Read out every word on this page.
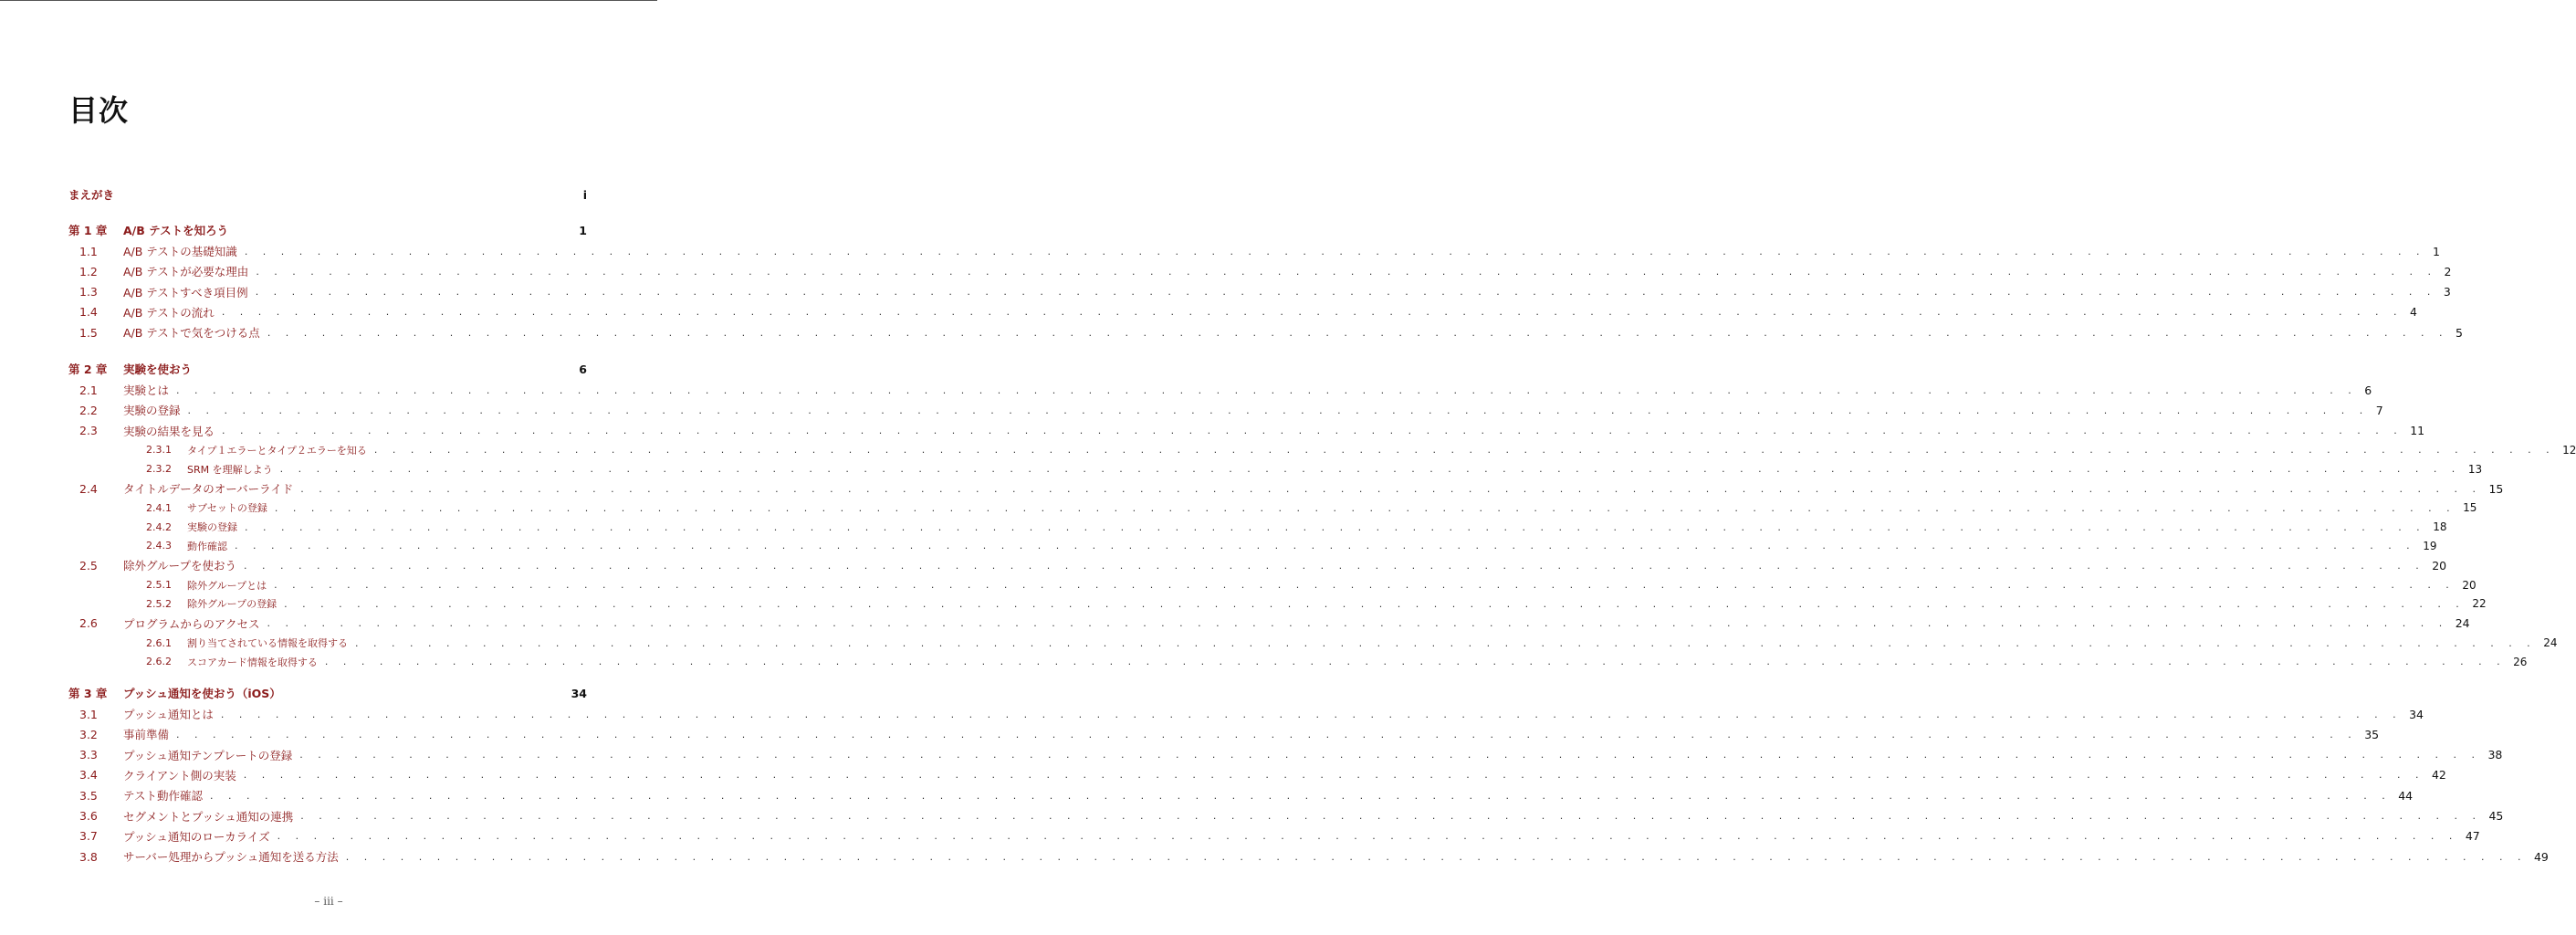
目次
まえがき	i
第 1 章	A/B テストを知ろう	1
1.1	A/B テストの基礎知識 . . . . . . . . . . . . . . . . . . . . . . . . . . . . . . . . . . . . . . . . . . . . . . . . . . . . . . . . . . . . . . . . . . . . . . . . . . . . . . . . . . . . . . . . . . . . . . . . . . . . . . . . . . . . . . . . . . . . . . . . 1
1.2	A/B テストが必要な理由 . . . . . . . . . . . . . . . . . . . . . . . . . . . . . . . . . . . . . . . . . . . . . . . . . . . . . . . . . . . . . . . . . . . . . . . . . . . . . . . . . . . . . . . . . . . . . . . . . . . . . . . . . . . . . . . . . . . . . . . . 2
1.3	A/B テストすべき項目例 . . . . . . . . . . . . . . . . . . . . . . . . . . . . . . . . . . . . . . . . . . . . . . . . . . . . . . . . . . . . . . . . . . . . . . . . . . . . . . . . . . . . . . . . . . . . . . . . . . . . . . . . . . . . . . . . . . . . . . . . 3
1.4	A/B テストの流れ . . . . . . . . . . . . . . . . . . . . . . . . . . . . . . . . . . . . . . . . . . . . . . . . . . . . . . . . . . . . . . . . . . . . . . . . . . . . . . . . . . . . . . . . . . . . . . . . . . . . . . . . . . . . . . . . . . . . . . . . 4
1.5	A/B テストで気をつける点 . . . . . . . . . . . . . . . . . . . . . . . . . . . . . . . . . . . . . . . . . . . . . . . . . . . . . . . . . . . . . . . . . . . . . . . . . . . . . . . . . . . . . . . . . . . . . . . . . . . . . . . . . . . . . . . . . . . . . . . . 5
第 2 章	実験を使おう	6
2.1	実験とは . . . . . . . . . . . . . . . . . . . . . . . . . . . . . . . . . . . . . . . . . . . . . . . . . . . . . . . . . . . . . . . . . . . . . . . . . . . . . . . . . . . . . . . . . . . . . . . . . . . . . . . . . . . . . . . . . . . . . . . . 6
2.2	実験の登録 . . . . . . . . . . . . . . . . . . . . . . . . . . . . . . . . . . . . . . . . . . . . . . . . . . . . . . . . . . . . . . . . . . . . . . . . . . . . . . . . . . . . . . . . . . . . . . . . . . . . . . . . . . . . . . . . . . . . . . . . 7
2.3	実験の結果を見る . . . . . . . . . . . . . . . . . . . . . . . . . . . . . . . . . . . . . . . . . . . . . . . . . . . . . . . . . . . . . . . . . . . . . . . . . . . . . . . . . . . . . . . . . . . . . . . . . . . . . . . . . . . . . . . . . . . . . . . . 11
2.3.1	タイプ１エラーとタイプ２エラーを知る . . . . . . . . . . . . . . . . . . . . . . . . . . . . . . . . . . . . . . . . . . . . . . . . . . . . . . . . . . . . . . . . . . . . . . . . . . . . . . . . . . . . . . . . . . . . . . . . . . . . . . . . . . . . . . . . . . . . . . . . 12
2.3.2	SRM を理解しよう . . . . . . . . . . . . . . . . . . . . . . . . . . . . . . . . . . . . . . . . . . . . . . . . . . . . . . . . . . . . . . . . . . . . . . . . . . . . . . . . . . . . . . . . . . . . . . . . . . . . . . . . . . . . . . . . . . . . . . . . 13
2.4	タイトルデータのオーバーライド . . . . . . . . . . . . . . . . . . . . . . . . . . . . . . . . . . . . . . . . . . . . . . . . . . . . . . . . . . . . . . . . . . . . . . . . . . . . . . . . . . . . . . . . . . . . . . . . . . . . . . . . . . . . . . . . . . . . . . . . 15
2.4.1	サブセットの登録 . . . . . . . . . . . . . . . . . . . . . . . . . . . . . . . . . . . . . . . . . . . . . . . . . . . . . . . . . . . . . . . . . . . . . . . . . . . . . . . . . . . . . . . . . . . . . . . . . . . . . . . . . . . . . . . . . . . . . . . . 15
2.4.2	実験の登録 . . . . . . . . . . . . . . . . . . . . . . . . . . . . . . . . . . . . . . . . . . . . . . . . . . . . . . . . . . . . . . . . . . . . . . . . . . . . . . . . . . . . . . . . . . . . . . . . . . . . . . . . . . . . . . . . . . . . . . . . 18
2.4.3	動作確認 . . . . . . . . . . . . . . . . . . . . . . . . . . . . . . . . . . . . . . . . . . . . . . . . . . . . . . . . . . . . . . . . . . . . . . . . . . . . . . . . . . . . . . . . . . . . . . . . . . . . . . . . . . . . . . . . . . . . . . . . 19
2.5	除外グループを使おう . . . . . . . . . . . . . . . . . . . . . . . . . . . . . . . . . . . . . . . . . . . . . . . . . . . . . . . . . . . . . . . . . . . . . . . . . . . . . . . . . . . . . . . . . . . . . . . . . . . . . . . . . . . . . . . . . . . . . . . . 20
2.5.1	除外グループとは . . . . . . . . . . . . . . . . . . . . . . . . . . . . . . . . . . . . . . . . . . . . . . . . . . . . . . . . . . . . . . . . . . . . . . . . . . . . . . . . . . . . . . . . . . . . . . . . . . . . . . . . . . . . . . . . . . . . . . . . 20
2.5.2	除外グループの登録 . . . . . . . . . . . . . . . . . . . . . . . . . . . . . . . . . . . . . . . . . . . . . . . . . . . . . . . . . . . . . . . . . . . . . . . . . . . . . . . . . . . . . . . . . . . . . . . . . . . . . . . . . . . . . . . . . . . . . . . . 22
2.6	プログラムからのアクセス . . . . . . . . . . . . . . . . . . . . . . . . . . . . . . . . . . . . . . . . . . . . . . . . . . . . . . . . . . . . . . . . . . . . . . . . . . . . . . . . . . . . . . . . . . . . . . . . . . . . . . . . . . . . . . . . . . . . . . . . 24
2.6.1	割り当てされている情報を取得する . . . . . . . . . . . . . . . . . . . . . . . . . . . . . . . . . . . . . . . . . . . . . . . . . . . . . . . . . . . . . . . . . . . . . . . . . . . . . . . . . . . . . . . . . . . . . . . . . . . . . . . . . . . . . . . . . . . . . . . . 24
2.6.2	スコアカード情報を取得する . . . . . . . . . . . . . . . . . . . . . . . . . . . . . . . . . . . . . . . . . . . . . . . . . . . . . . . . . . . . . . . . . . . . . . . . . . . . . . . . . . . . . . . . . . . . . . . . . . . . . . . . . . . . . . . . . . . . . . . . 26
第 3 章	プッシュ通知を使おう（iOS）	34
3.1	プッシュ通知とは . . . . . . . . . . . . . . . . . . . . . . . . . . . . . . . . . . . . . . . . . . . . . . . . . . . . . . . . . . . . . . . . . . . . . . . . . . . . . . . . . . . . . . . . . . . . . . . . . . . . . . . . . . . . . . . . . . . . . . . . 34
3.2	事前準備 . . . . . . . . . . . . . . . . . . . . . . . . . . . . . . . . . . . . . . . . . . . . . . . . . . . . . . . . . . . . . . . . . . . . . . . . . . . . . . . . . . . . . . . . . . . . . . . . . . . . . . . . . . . . . . . . . . . . . . . . 35
3.3	プッシュ通知テンプレートの登録 . . . . . . . . . . . . . . . . . . . . . . . . . . . . . . . . . . . . . . . . . . . . . . . . . . . . . . . . . . . . . . . . . . . . . . . . . . . . . . . . . . . . . . . . . . . . . . . . . . . . . . . . . . . . . . . . . . . . . . . . 38
3.4	クライアント側の実装 . . . . . . . . . . . . . . . . . . . . . . . . . . . . . . . . . . . . . . . . . . . . . . . . . . . . . . . . . . . . . . . . . . . . . . . . . . . . . . . . . . . . . . . . . . . . . . . . . . . . . . . . . . . . . . . . . . . . . . . . 42
3.5	テスト動作確認 . . . . . . . . . . . . . . . . . . . . . . . . . . . . . . . . . . . . . . . . . . . . . . . . . . . . . . . . . . . . . . . . . . . . . . . . . . . . . . . . . . . . . . . . . . . . . . . . . . . . . . . . . . . . . . . . . . . . . . . . 44
3.6	セグメントとプッシュ通知の連携 . . . . . . . . . . . . . . . . . . . . . . . . . . . . . . . . . . . . . . . . . . . . . . . . . . . . . . . . . . . . . . . . . . . . . . . . . . . . . . . . . . . . . . . . . . . . . . . . . . . . . . . . . . . . . . . . . . . . . . . . 45
3.7	プッシュ通知のローカライズ . . . . . . . . . . . . . . . . . . . . . . . . . . . . . . . . . . . . . . . . . . . . . . . . . . . . . . . . . . . . . . . . . . . . . . . . . . . . . . . . . . . . . . . . . . . . . . . . . . . . . . . . . . . . . . . . . . . . . . . . 47
3.8	サーバー処理からプッシュ通知を送る方法 . . . . . . . . . . . . . . . . . . . . . . . . . . . . . . . . . . . . . . . . . . . . . . . . . . . . . . . . . . . . . . . . . . . . . . . . . . . . . . . . . . . . . . . . . . . . . . . . . . . . . . . . . . . . . . . . . . . . . . . . 49
– iii –
